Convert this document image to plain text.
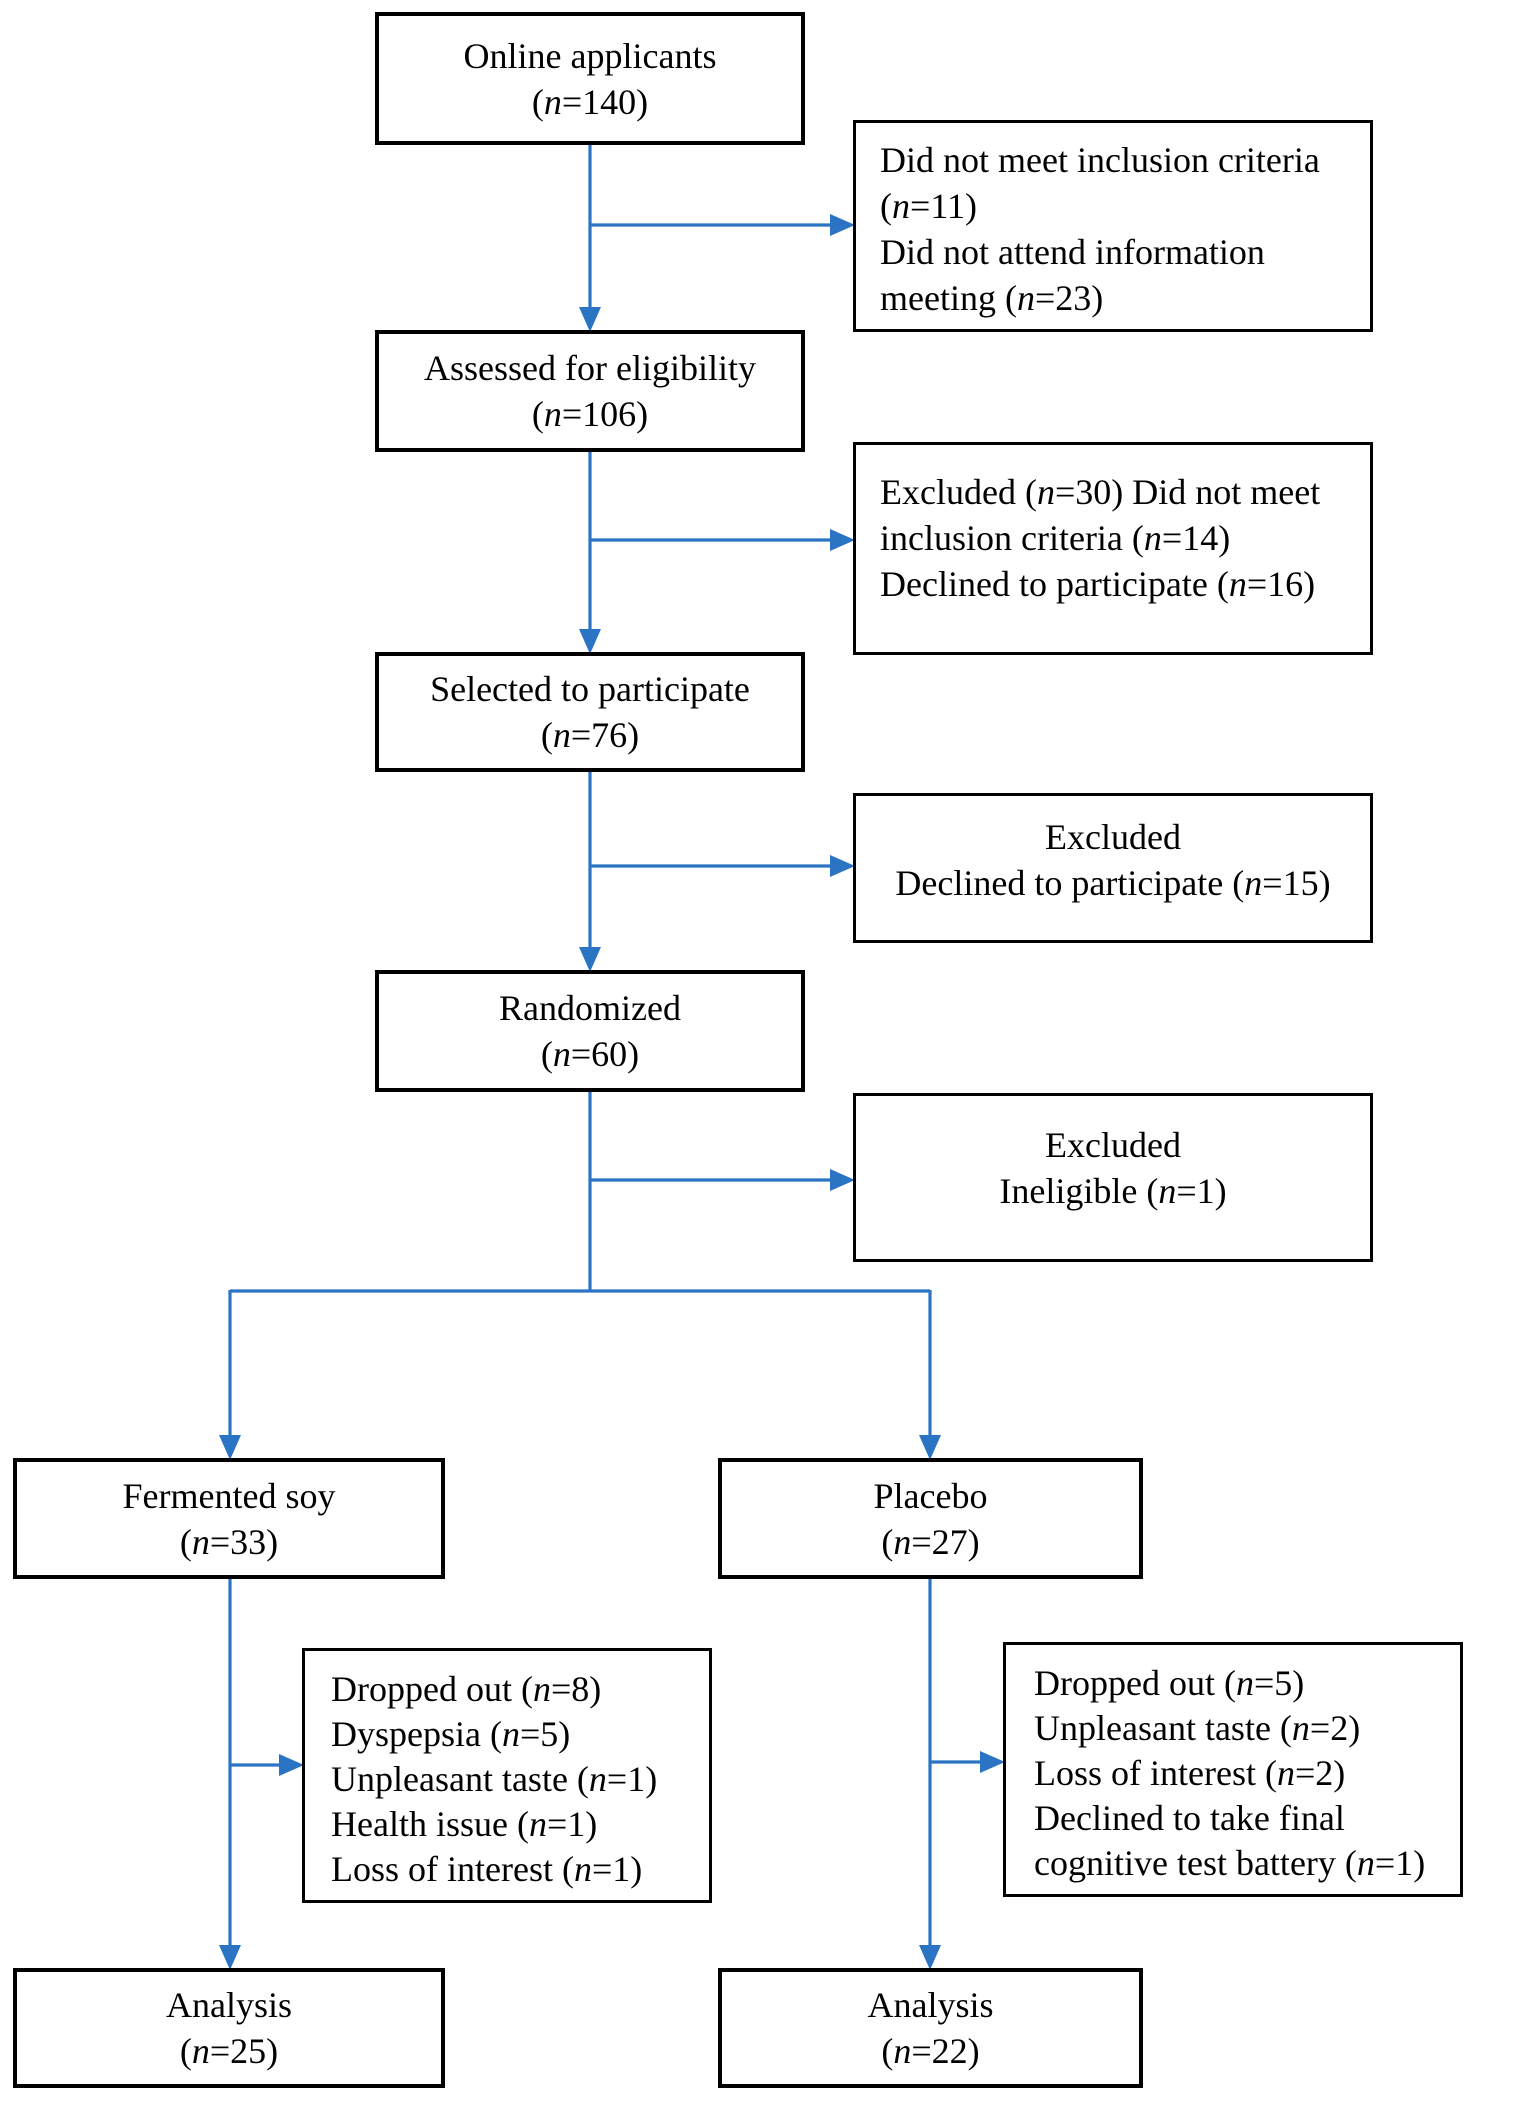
Online applicants
(n=140)
Assessed for eligibility
(n=106)
Selected to participate
(n=76)
Randomized
(n=60)
Did not meet inclusion criteria
(n=11)
Did not attend information
meeting (n=23)
Excluded (n=30) Did not meet
inclusion criteria (n=14)
Declined to participate (n=16)
Excluded
Declined to participate (n=15)
Excluded
Ineligible (n=1)
Fermented soy
(n=33)
Dropped out (n=8)
Dyspepsia (n=5)
Unpleasant taste (n=1)
Health issue (n=1)
Loss of interest (n=1)
Analysis
(n=25)
Placebo
(n=27)
Dropped out (n=5)
Unpleasant taste (n=2)
Loss of interest (n=2)
Declined to take final
cognitive test battery (n=1)
Analysis
(n=22)
